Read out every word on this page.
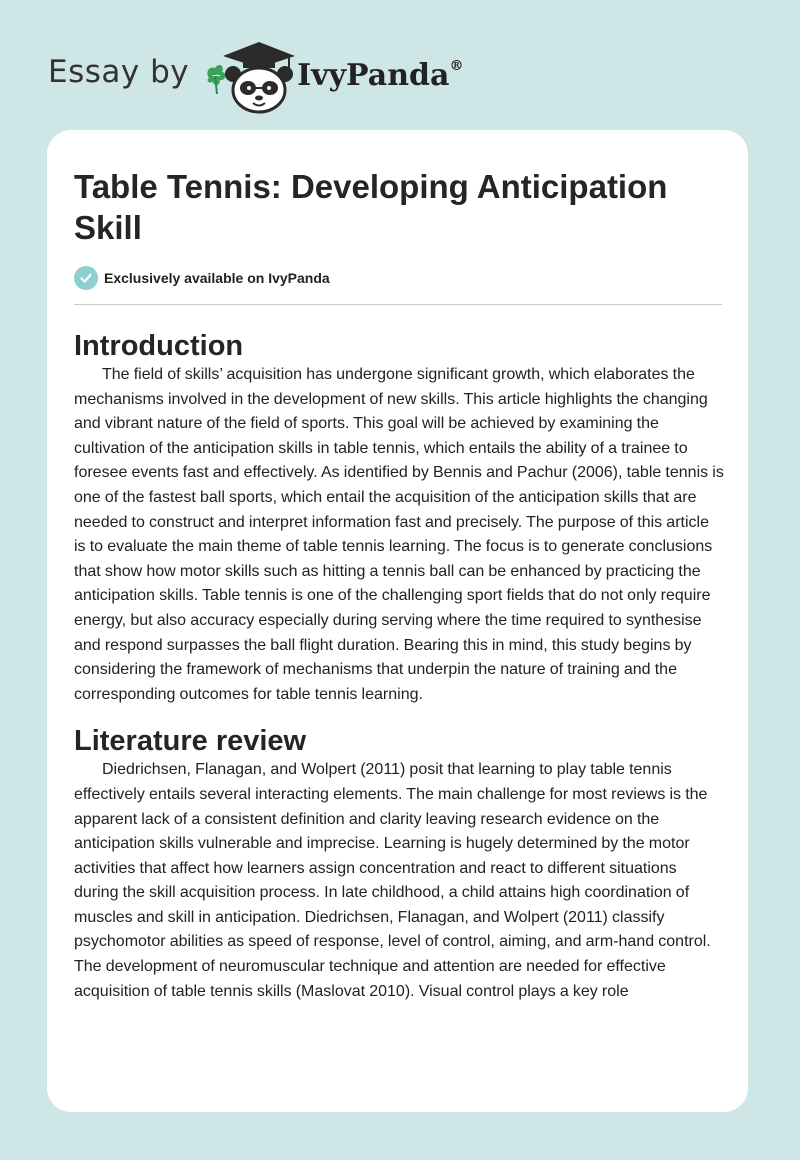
Essay by	IvyPanda®
Table Tennis: Developing Anticipation Skill
Exclusively available on IvyPanda
Introduction

The field of skills’ acquisition has undergone significant growth, which elaborates the mechanisms involved in the development of new skills. This article highlights the changing and vibrant nature of the field of sports. This goal will be achieved by examining the cultivation of the anticipation skills in table tennis, which entails the ability of a trainee to foresee events fast and effectively. As identified by Bennis and Pachur (2006), table tennis is one of the fastest ball sports, which entail the acquisition of the anticipation skills that are needed to construct and interpret information fast and precisely. The purpose of this article is to evaluate the main theme of table tennis learning. The focus is to generate conclusions that show how motor skills such as hitting a tennis ball can be enhanced by practicing the anticipation skills. Table tennis is one of the challenging sport fields that do not only require energy, but also accuracy especially during serving where the time required to synthesise and respond surpasses the ball flight duration. Bearing this in mind, this study begins by considering the framework of mechanisms that underpin the nature of training and the corresponding outcomes for table tennis learning.

Literature review

Diedrichsen, Flanagan, and Wolpert (2011) posit that learning to play table tennis effectively entails several interacting elements. The main challenge for most reviews is the apparent lack of a consistent definition and clarity leaving research evidence on the anticipation skills vulnerable and imprecise. Learning is hugely determined by the motor activities that affect how learners assign concentration and react to different situations during the skill acquisition process. In late childhood, a child attains high coordination of muscles and skill in anticipation. Diedrichsen, Flanagan, and Wolpert (2011) classify psychomotor abilities as speed of response, level of control, aiming, and arm-hand control. The development of neuromuscular technique and attention are needed for effective acquisition of table tennis skills (Maslovat 2010). Visual control plays a key role
